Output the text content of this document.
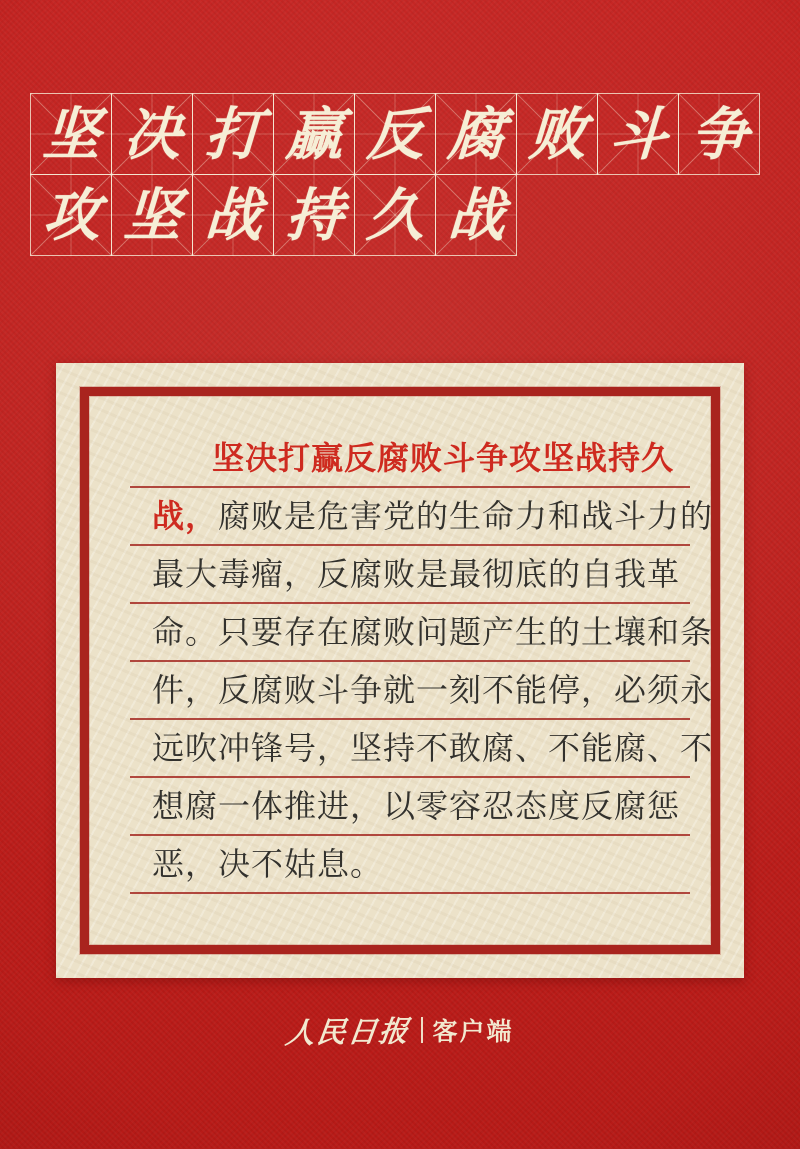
坚 决 打 赢 反 腐 败 斗 争
攻 坚 战 持 久 战
坚决打赢反腐败斗争攻坚战持久
战， 腐败是危害党的生命力和战斗力的
最大毒瘤，反腐败是最彻底的自我革
命。只要存在腐败问题产生的土壤和条
件，反腐败斗争就一刻不能停，必须永
远吹冲锋号，坚持不敢腐、不能腐、不
想腐一体推进，以零容忍态度反腐惩
恶，决不姑息。
人民日报 客户端
